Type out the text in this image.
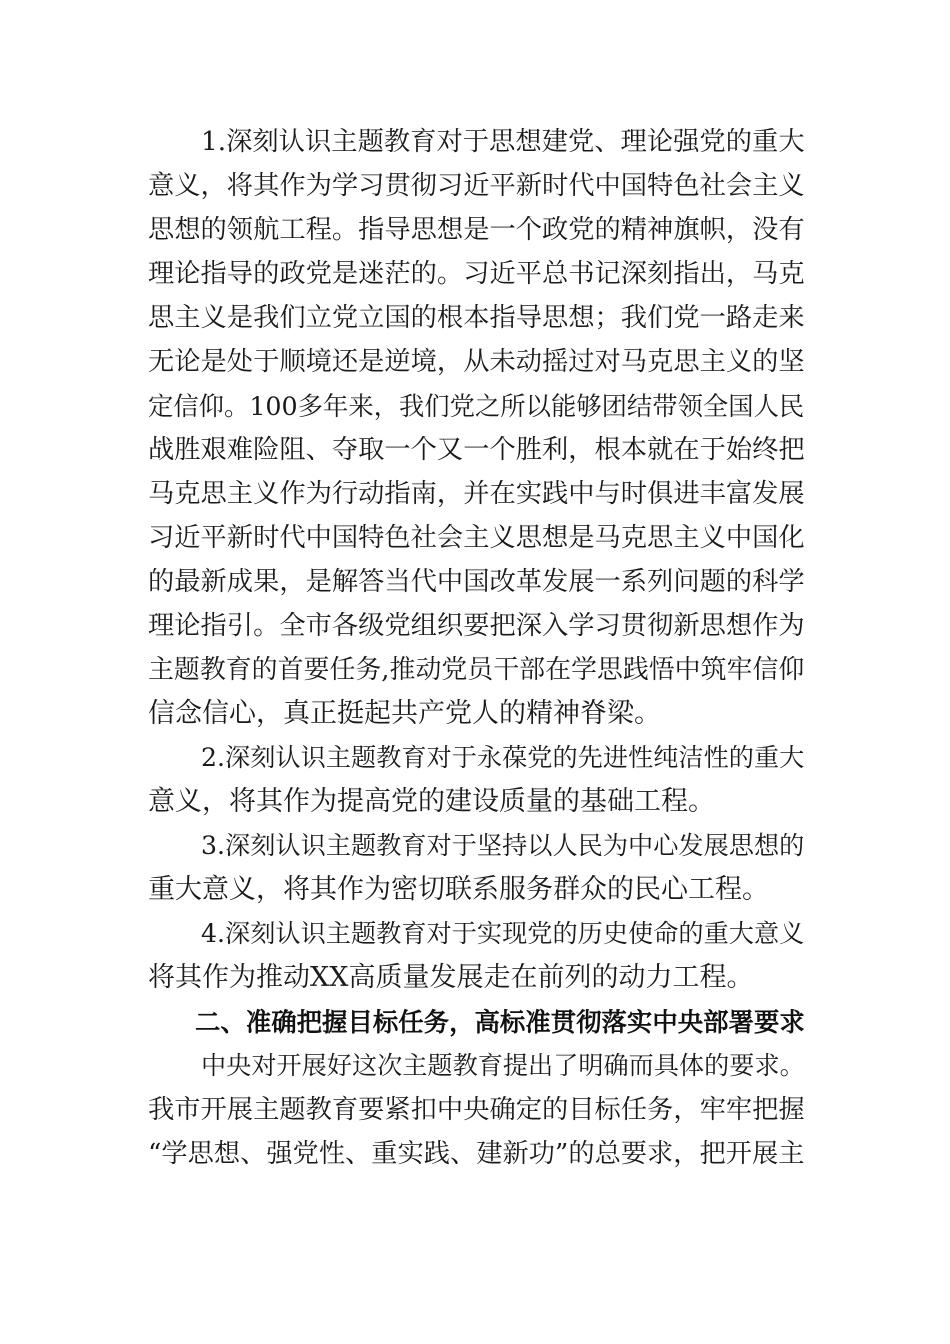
1.深刻认识主题教育对于思想建党、理论强党的重大
意义，将其作为学习贯彻习近平新时代中国特色社会主义
思想的领航工程。指导思想是一个政党的精神旗帜，没有
理论指导的政党是迷茫的。习近平总书记深刻指出，马克
思主义是我们立党立国的根本指导思想；我们党一路走来
无论是处于顺境还是逆境，从未动摇过对马克思主义的坚
定信仰。100多年来，我们党之所以能够团结带领全国人民
战胜艰难险阻、夺取一个又一个胜利，根本就在于始终把
马克思主义作为行动指南，并在实践中与时俱进丰富发展
习近平新时代中国特色社会主义思想是马克思主义中国化
的最新成果，是解答当代中国改革发展一系列问题的科学
理论指引。全市各级党组织要把深入学习贯彻新思想作为
主题教育的首要任务,推动党员干部在学思践悟中筑牢信仰
信念信心，真正挺起共产党人的精神脊梁。
2.深刻认识主题教育对于永葆党的先进性纯洁性的重大
意义，将其作为提高党的建设质量的基础工程。
3.深刻认识主题教育对于坚持以人民为中心发展思想的
重大意义，将其作为密切联系服务群众的民心工程。
4.深刻认识主题教育对于实现党的历史使命的重大意义
将其作为推动XX高质量发展走在前列的动力工程。
二、准确把握目标任务，高标准贯彻落实中央部署要求
中央对开展好这次主题教育提出了明确而具体的要求。
我市开展主题教育要紧扣中央确定的目标任务，牢牢把握
“学思想、强党性、重实践、建新功”的总要求，把开展主
